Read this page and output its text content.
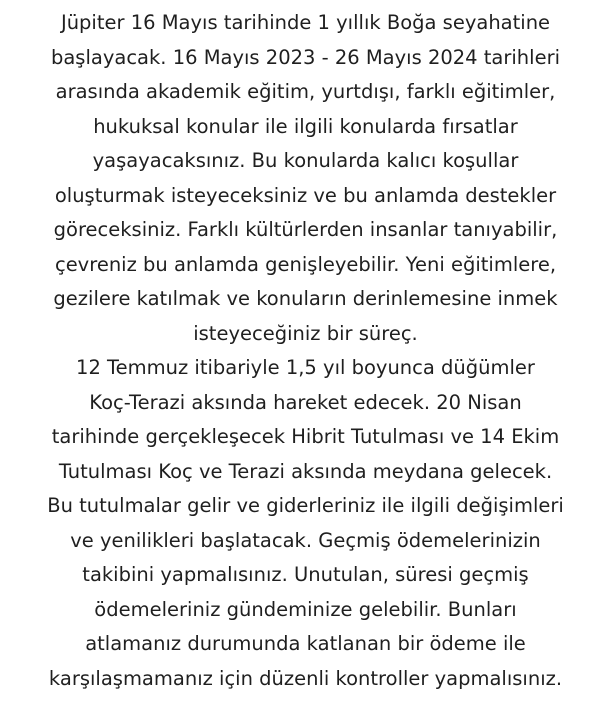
Jüpiter 16 Mayıs tarihinde 1 yıllık Boğa seyahatine
başlayacak. 16 Mayıs 2023 - 26 Mayıs 2024 tarihleri
arasında akademik eğitim, yurtdışı, farklı eğitimler,
hukuksal konular ile ilgili konularda fırsatlar
yaşayacaksınız. Bu konularda kalıcı koşullar
oluşturmak isteyeceksiniz ve bu anlamda destekler
göreceksiniz. Farklı kültürlerden insanlar tanıyabilir,
çevreniz bu anlamda genişleyebilir. Yeni eğitimlere,
gezilere katılmak ve konuların derinlemesine inmek
isteyeceğiniz bir süreç.
12 Temmuz itibariyle 1,5 yıl boyunca düğümler
Koç-Terazi aksında hareket edecek. 20 Nisan
tarihinde gerçekleşecek Hibrit Tutulması ve 14 Ekim
Tutulması Koç ve Terazi aksında meydana gelecek.
Bu tutulmalar gelir ve giderleriniz ile ilgili değişimleri
ve yenilikleri başlatacak. Geçmiş ödemelerinizin
takibini yapmalısınız. Unutulan, süresi geçmiş
ödemeleriniz gündeminize gelebilir. Bunları
atlamanız durumunda katlanan bir ödeme ile
karşılaşmamanız için düzenli kontroller yapmalısınız.
